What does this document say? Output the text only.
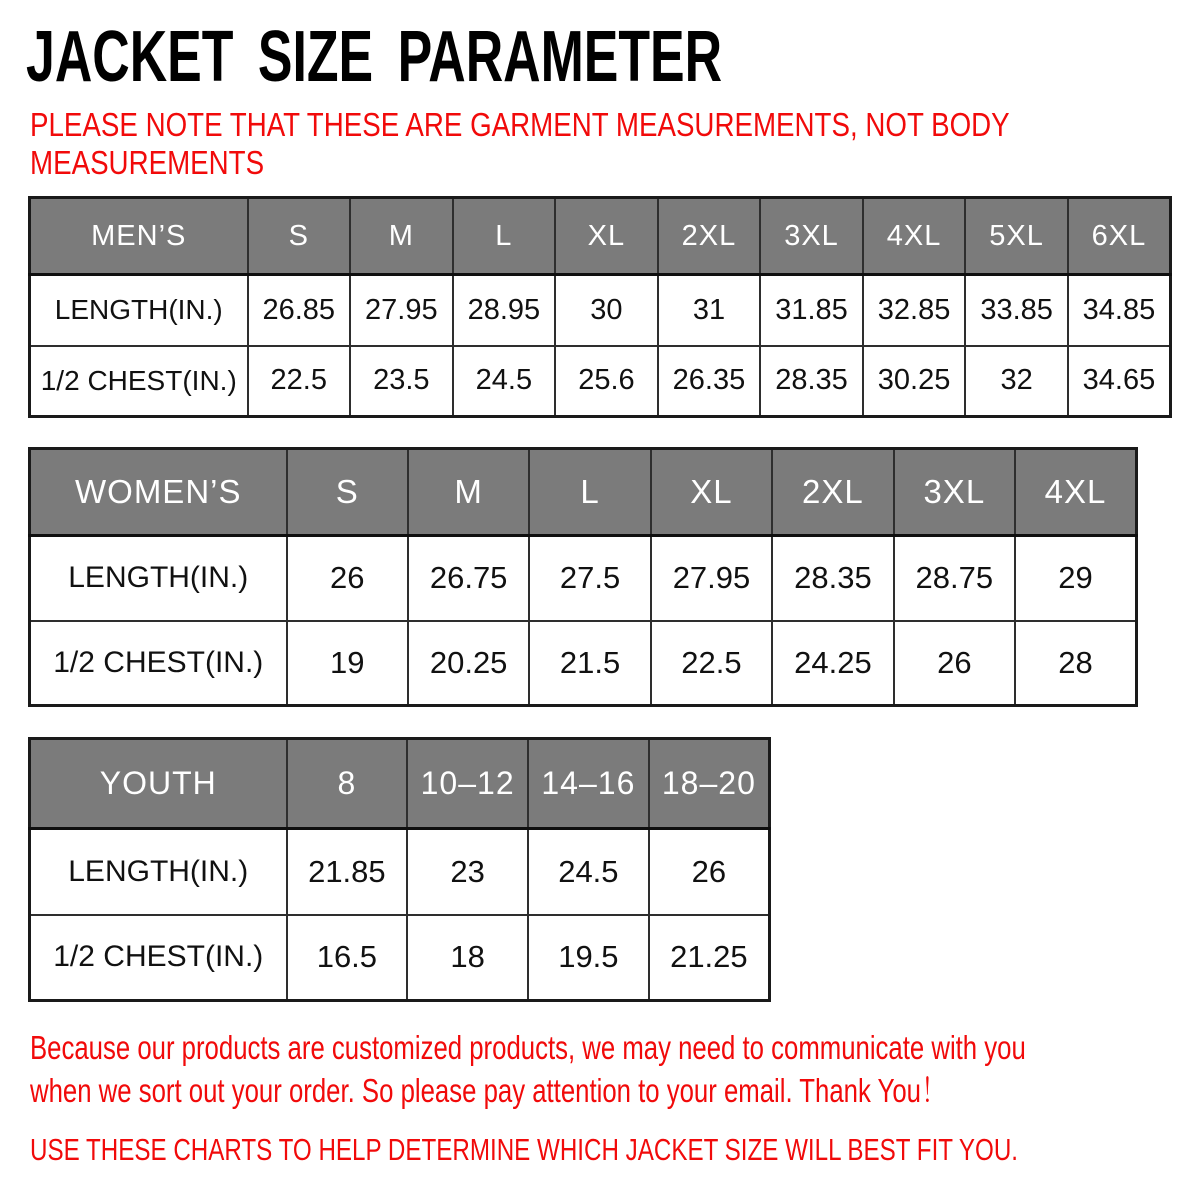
JACKET SIZE PARAMETER
PLEASE NOTE THAT THESE ARE GARMENT MEASUREMENTS, NOT BODY
MEASUREMENTS
MEN’S	S	M	L	XL	2XL	3XL	4XL	5XL	6XL
LENGTH(IN.)	26.85	27.95	28.95	30	31	31.85	32.85	33.85	34.85
1/2 CHEST(IN.)	22.5	23.5	24.5	25.6	26.35	28.35	30.25	32	34.65
WOMEN’S	S	M	L	XL	2XL	3XL	4XL
LENGTH(IN.)	26	26.75	27.5	27.95	28.35	28.75	29
1/2 CHEST(IN.)	19	20.25	21.5	22.5	24.25	26	28
YOUTH	8	10–12	14–16	18–20
LENGTH(IN.)	21.85	23	24.5	26
1/2 CHEST(IN.)	16.5	18	19.5	21.25
Because our products are customized products, we may need to communicate with you
when we sort out your order. So please pay attention to your email. Thank You！
USE THESE CHARTS TO HELP DETERMINE WHICH JACKET SIZE WILL BEST FIT YOU.
